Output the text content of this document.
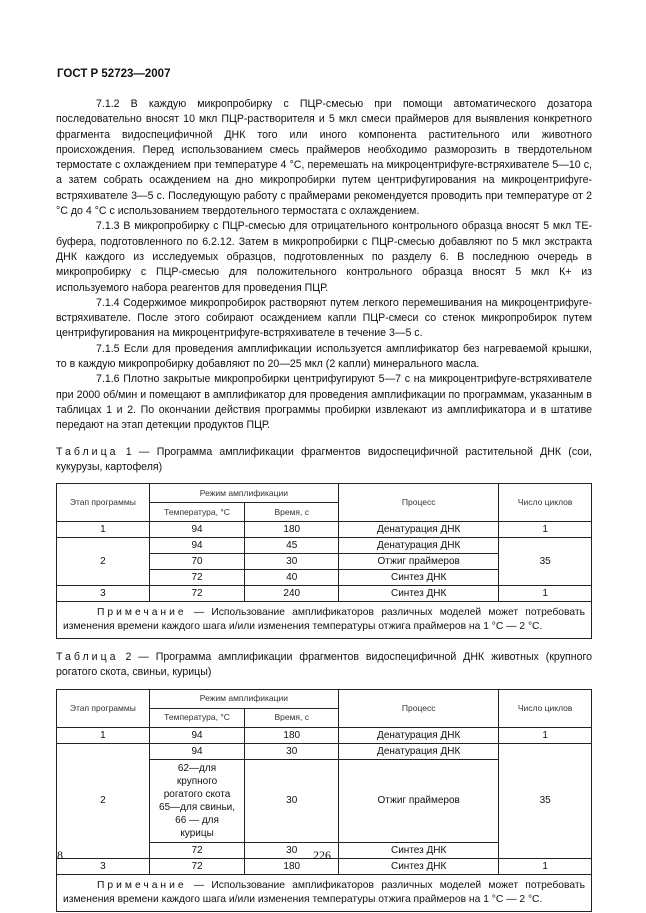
ГОСТ Р 52723—2007

7.1.2 В каждую микропробирку с ПЦР-смесью при помощи автоматического дозатора последовательно вносят 10 мкл ПЦР-растворителя и 5 мкл смеси праймеров для выявления конкретного фрагмента видоспецифичной ДНК того или иного компонента растительного или животного происхождения. Перед использованием смесь праймеров необходимо разморозить в твердотельном термостате с охлаждением при температуре 4 °С, перемешать на микроцентрифуге-встряхивателе 5—10 с, а затем собрать осаждением на дно микропробирки путем центрифугирования на микроцентрифуге-встряхивателе 3—5 с. Последующую работу с праймерами рекомендуется проводить при температуре от 2 °С до 4 °С с использованием твердотельного термостата с охлаждением.

7.1.3 В микропробирку с ПЦР-смесью для отрицательного контрольного образца вносят 5 мкл ТЕ-буфера, подготовленного по 6.2.12. Затем в микропробирки с ПЦР-смесью добавляют по 5 мкл экстракта ДНК каждого из исследуемых образцов, подготовленных по разделу 6. В последнюю очередь в микропробирку с ПЦР-смесью для положительного контрольного образца вносят 5 мкл К+ из используемого набора реагентов для проведения ПЦР.

7.1.4 Содержимое микропробирок растворяют путем легкого перемешивания на микроцентрифуге-встряхивателе. После этого собирают осаждением капли ПЦР-смеси со стенок микропробирок путем центрифугирования на микроцентрифуге-встряхивателе в течение 3—5 с.

7.1.5 Если для проведения амплификации используется амплификатор без нагреваемой крышки, то в каждую микропробирку добавляют по 20—25 мкл (2 капли) минерального масла.

7.1.6 Плотно закрытые микропробирки центрифугируют 5—7 с на микроцентрифуге-встряхивателе при 2000 об/мин и помещают в амплификатор для проведения амплификации по программам, указанным в таблицах 1 и 2. По окончании действия программы пробирки извлекают из амплификатора и в штативе передают на этап детекции продуктов ПЦР.

Таблица 1 — Программа амплификации фрагментов видоспецифичной растительной ДНК (сои, кукурузы, картофеля)

Этап программы	Режим амплификации		Процесс	Число циклов
	Температура, °С	Время, с		
1	94	180	Денатурация ДНК	1
2	94	45	Денатурация ДНК	35
	70	30	Отжиг праймеров	
	72	40	Синтез ДНК	
3	72	240	Синтез ДНК	1
Примечание — Использование амплификаторов различных моделей может потребовать изменения времени каждого шага и/или изменения температуры отжига праймеров на 1 °С — 2 °С.				

Таблица 2 — Программа амплификации фрагментов видоспецифичной ДНК животных (крупного рогатого скота, свиньи, курицы)

Этап программы	Режим амплификации		Процесс	Число циклов
	Температура, °С	Время, с		
1	94	180	Денатурация ДНК	1
2	94	30	Денатурация ДНК	35
	62—для крупного рогатого скота 65—для свиньи, 66 — для курицы	30	Отжиг праймеров	
	72	30	Синтез ДНК	
3	72	180	Синтез ДНК	1
Примечание — Использование амплификаторов различных моделей может потребовать изменения времени каждого шага и/или изменения температуры отжига праймеров на 1 °С — 2 °С.				
8	226
